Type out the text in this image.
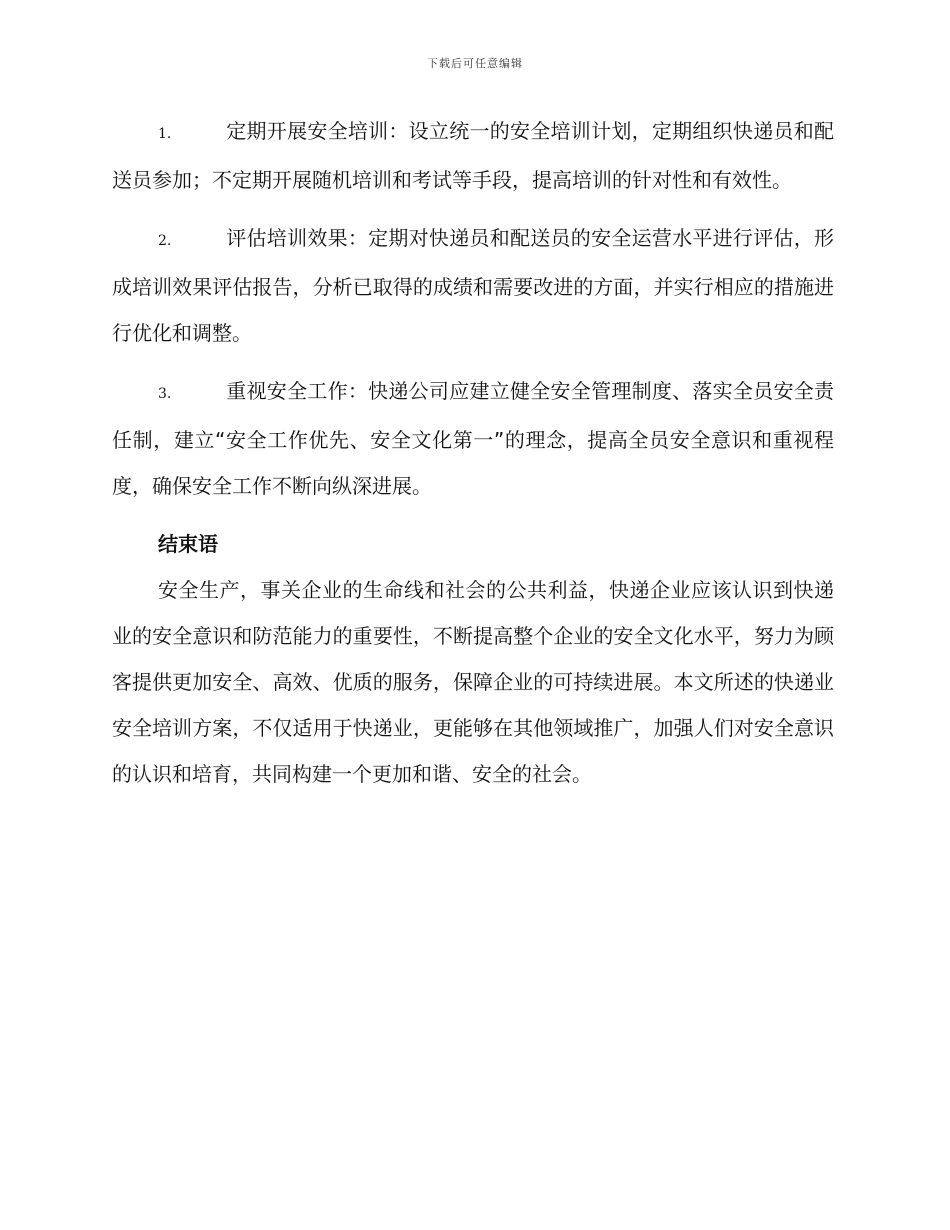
下载后可任意编辑

1.	定期开展安全培训：设立统一的安全培训计划，定期组织快递员和配送员参加；不定期开展随机培训和考试等手段，提高培训的针对性和有效性。

2.	评估培训效果：定期对快递员和配送员的安全运营水平进行评估，形成培训效果评估报告，分析已取得的成绩和需要改进的方面，并实行相应的措施进行优化和调整。

3.	重视安全工作：快递公司应建立健全安全管理制度、落实全员安全责任制，建立“安全工作优先、安全文化第一”的理念，提高全员安全意识和重视程度，确保安全工作不断向纵深进展。

结束语

安全生产，事关企业的生命线和社会的公共利益，快递企业应该认识到快递业的安全意识和防范能力的重要性，不断提高整个企业的安全文化水平，努力为顾客提供更加安全、高效、优质的服务，保障企业的可持续进展。本文所述的快递业安全培训方案，不仅适用于快递业，更能够在其他领域推广，加强人们对安全意识的认识和培育，共同构建一个更加和谐、安全的社会。
